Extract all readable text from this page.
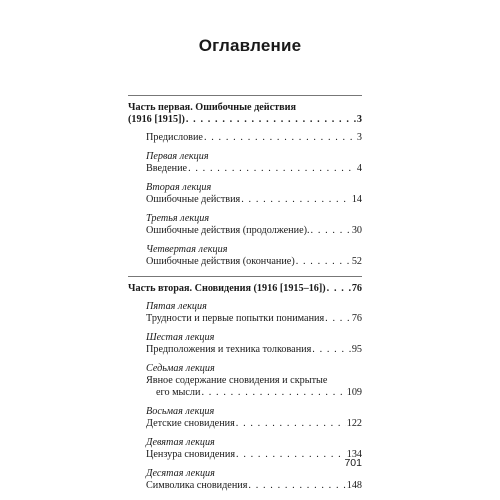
Оглавление
Часть первая. Ошибочные действия
(1916 [1915]) . . .	3
Предисловие . . .	3
Первая лекция
Введение . . .	4
Вторая лекция
Ошибочные действия . . .	14
Третья лекция
Ошибочные действия (продолжение). . . .	30
Четвертая лекция
Ошибочные действия (окончание) . . .	52
Часть вторая. Сновидения (1916 [1915–16]) . . .	76
Пятая лекция
Трудности и первые попытки понимания . . .	76
Шестая лекция
Предположения и техника толкования . . .	95
Седьмая лекция
Явное содержание сновидения и скрытые
его мысли . . .	109
Восьмая лекция
Детские сновидения . . .	122
Девятая лекция
Цензура сновидения . . .	134
Десятая лекция
Символика сновидения . . .	148
701
